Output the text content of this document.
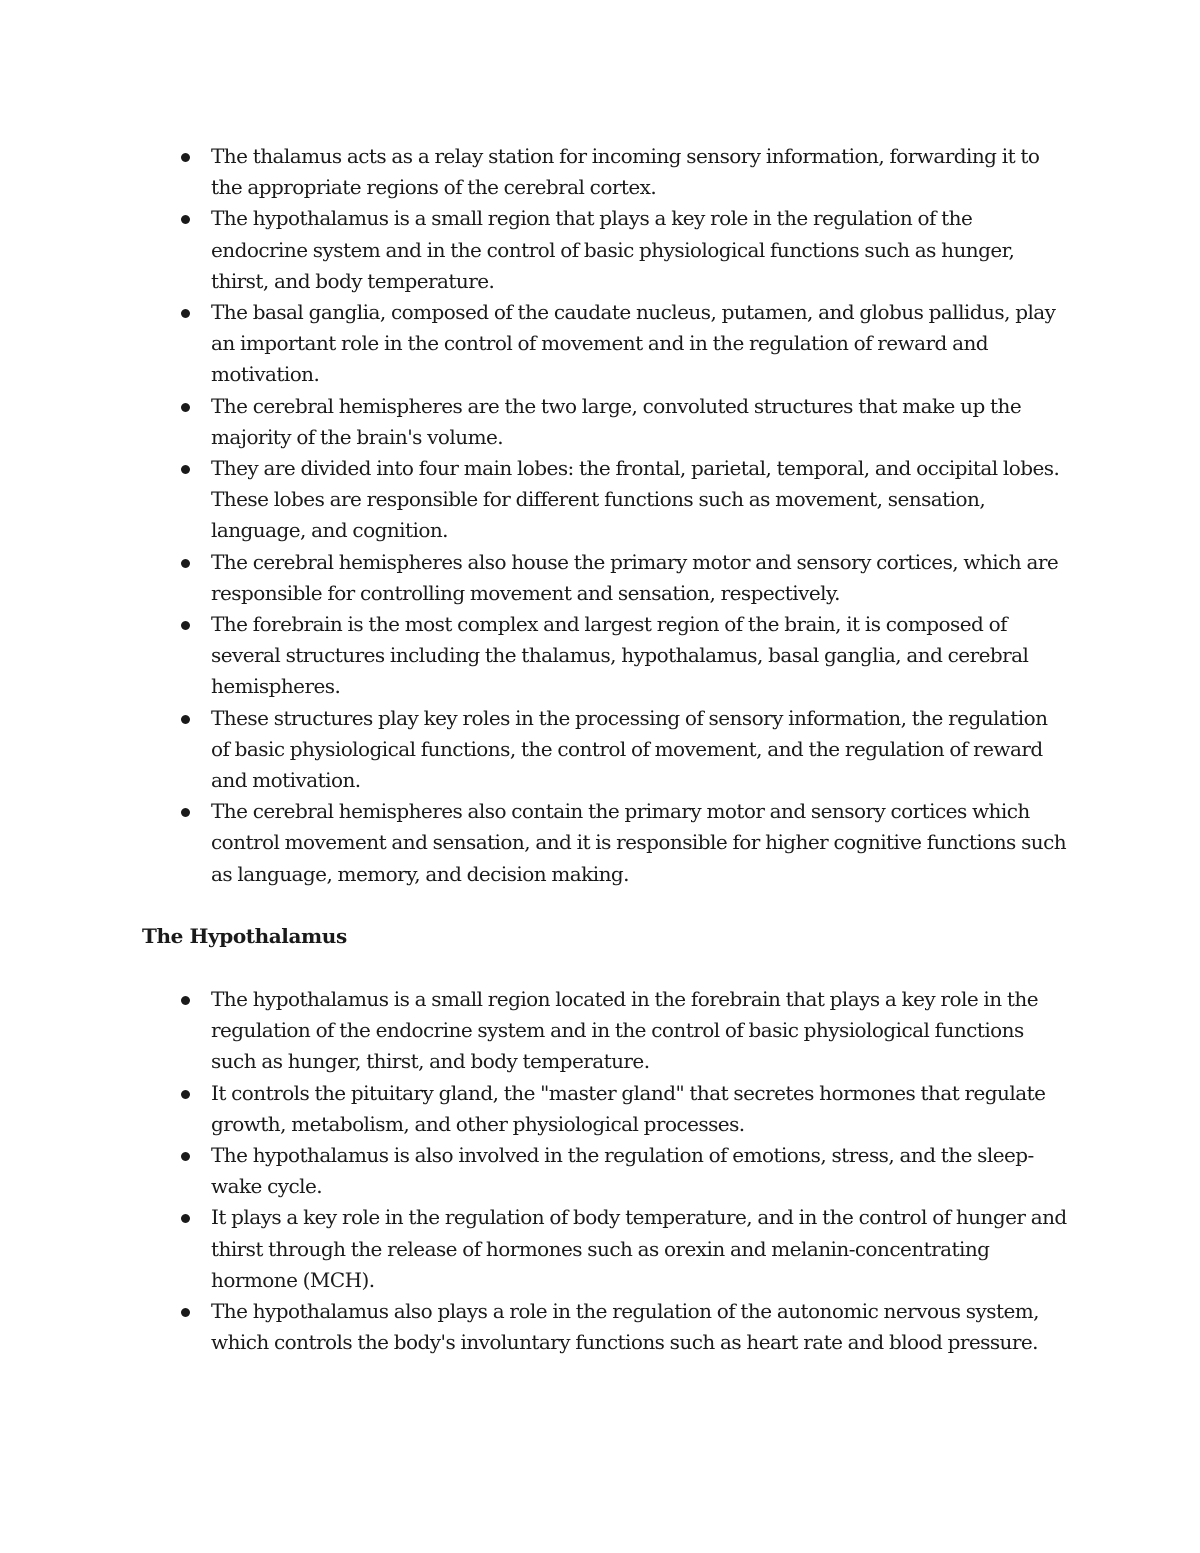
The thalamus acts as a relay station for incoming sensory information, forwarding it to the appropriate regions of the cerebral cortex.
The hypothalamus is a small region that plays a key role in the regulation of the endocrine system and in the control of basic physiological functions such as hunger, thirst, and body temperature.
The basal ganglia, composed of the caudate nucleus, putamen, and globus pallidus, play an important role in the control of movement and in the regulation of reward and motivation.
The cerebral hemispheres are the two large, convoluted structures that make up the majority of the brain's volume.
They are divided into four main lobes: the frontal, parietal, temporal, and occipital lobes. These lobes are responsible for different functions such as movement, sensation, language, and cognition.
The cerebral hemispheres also house the primary motor and sensory cortices, which are responsible for controlling movement and sensation, respectively.
The forebrain is the most complex and largest region of the brain, it is composed of several structures including the thalamus, hypothalamus, basal ganglia, and cerebral hemispheres.
These structures play key roles in the processing of sensory information, the regulation of basic physiological functions, the control of movement, and the regulation of reward and motivation.
The cerebral hemispheres also contain the primary motor and sensory cortices which control movement and sensation, and it is responsible for higher cognitive functions such as language, memory, and decision making.
The Hypothalamus
The hypothalamus is a small region located in the forebrain that plays a key role in the regulation of the endocrine system and in the control of basic physiological functions such as hunger, thirst, and body temperature.
It controls the pituitary gland, the "master gland" that secretes hormones that regulate growth, metabolism, and other physiological processes.
The hypothalamus is also involved in the regulation of emotions, stress, and the sleep-wake cycle.
It plays a key role in the regulation of body temperature, and in the control of hunger and thirst through the release of hormones such as orexin and melanin-concentrating hormone (MCH).
The hypothalamus also plays a role in the regulation of the autonomic nervous system, which controls the body's involuntary functions such as heart rate and blood pressure.
